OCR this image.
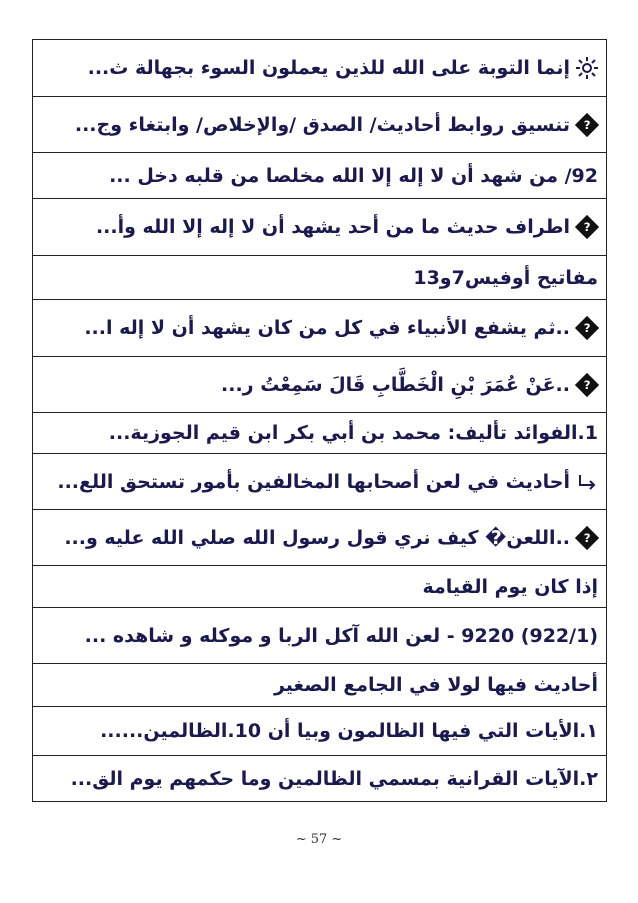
إنما التوبة على الله للذين يعملون السوء بجهالة ث...
?
تنسيق روابط أحاديث/ الصدق /والإخلاص/ وابتغاء وج...
92/ من شهد أن لا إله إلا الله مخلصا من قلبه دخل ...
?
اطراف حديث ما من أحد يشهد أن لا إله إلا الله وأ...
مفاتيح أوفيس7و13
?
..ثم يشفع الأنبياء في كل من كان يشهد أن لا إله ا...
?
..عَنْ عُمَرَ بْنِ الْخَطَّابِ قَالَ سَمِعْتُ ر...
1.الفوائد تأليف: محمد بن أبي بكر ابن قيم الجوزية...
أحاديث في لعن أصحابها المخالفين بأمور تستحق اللع...
?
..اللعن� كيف نري قول رسول الله صلي الله عليه و...
إذا كان يوم القيامة
(922/1) 9220 - لعن الله آكل الربا و موكله و شاهده ...
أحاديث فيها لولا في الجامع الصغير
١.الأيات التي فيها الظالمون وبيا أن 10.الظالمين......
٢.الآيات القرانية بمسمي الظالمين وما حكمهم يوم الق...
~ 57 ~
